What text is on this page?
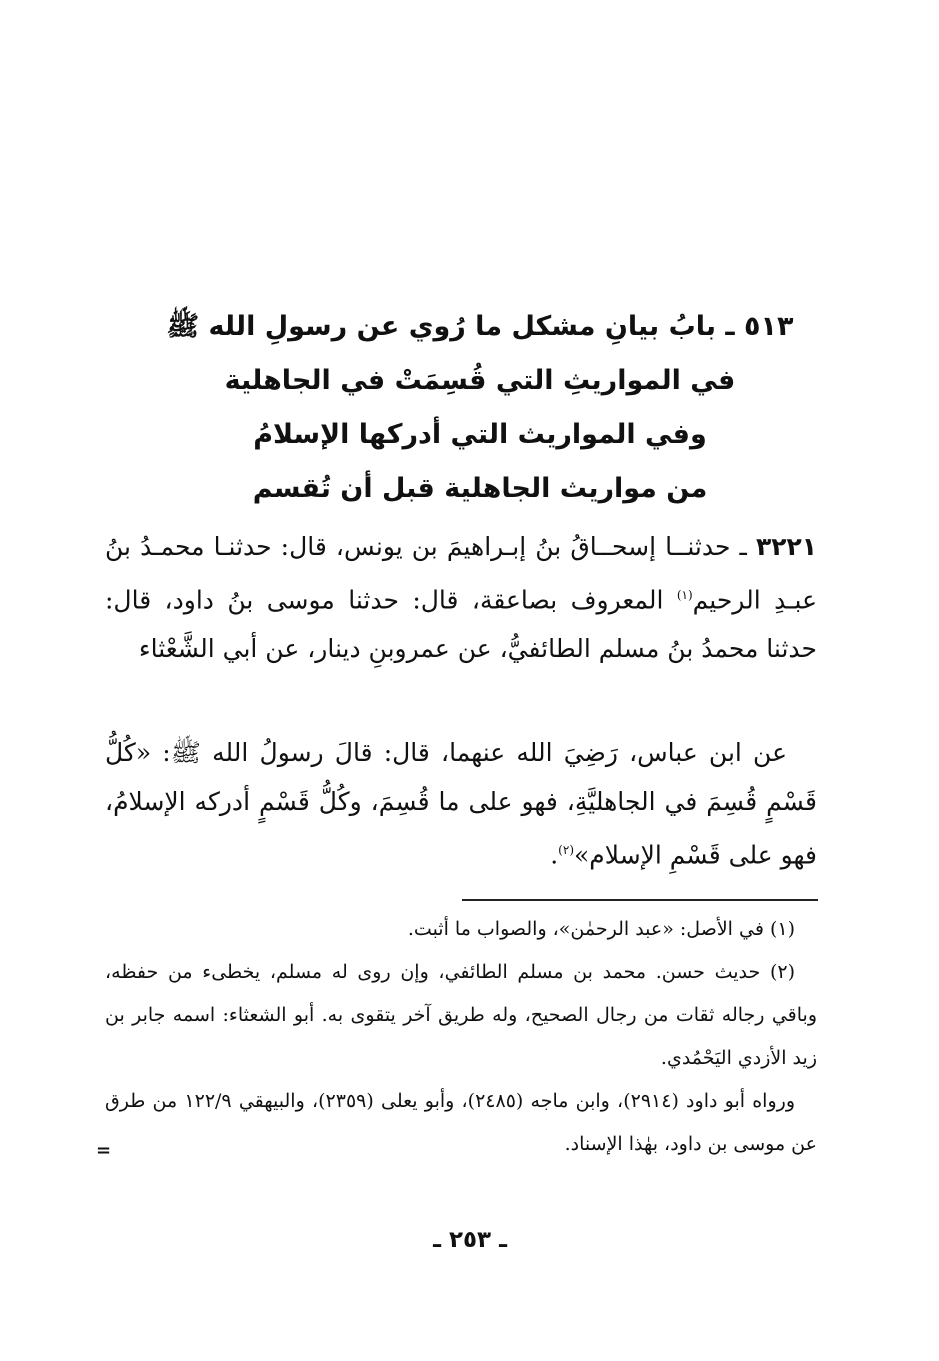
٥١٣ ـ بابُ بيانِ مشكل ما رُوي عن رسولِ الله ﷺ
في المواريثِ التي قُسِمَتْ في الجاهلية
وفي المواريث التي أدركها الإسلامُ
من مواريث الجاهلية قبل أن تُقسم
٣٢٢١ ـ حدثنــا إسحــاقُ بنُ إبـراهيمَ بن يونس، قال: حدثنـا محمـدُ بنُ عبـدِ الرحيم$^{(١)}$ المعروف بصاعقة، قال: حدثنا موسى بنُ داود، قال: حدثنا محمدُ بنُ مسلم الطائفيُّ، عن عمروبنِ دينار، عن أبي الشَّعْثاء
عن ابن عباس، رَضِيَ الله عنهما، قال: قالَ رسولُ الله ﷺ: «كُلُّ قَسْمٍ قُسِمَ في الجاهليَّةِ، فهو على ما قُسِمَ، وكُلُّ قَسْمٍ أدركه الإسلامُ، فهو على قَسْمِ الإسلام»$^{(٢)}$.

(١) في الأصل: «عبد الرحمٰن»، والصواب ما أثبت.

(٢) حديث حسن. محمد بن مسلم الطائفي، وإن روى له مسلم، يخطىء من حفظه، وباقي رجاله ثقات من رجال الصحيح، وله طريق آخر يتقوى به. أبو الشعثاء: اسمه جابر بن زيد الأزدي اليَحْمُدي.

ورواه أبو داود (٢٩١٤)، وابن ماجه (٢٤٨٥)، وأبو يعلى (٢٣٥٩)، والبيهقي ١٢٢/٩ من طرق عن موسى بن داود، بهٰذا الإسناد.

=
ـ ٢٥٣ ـ
